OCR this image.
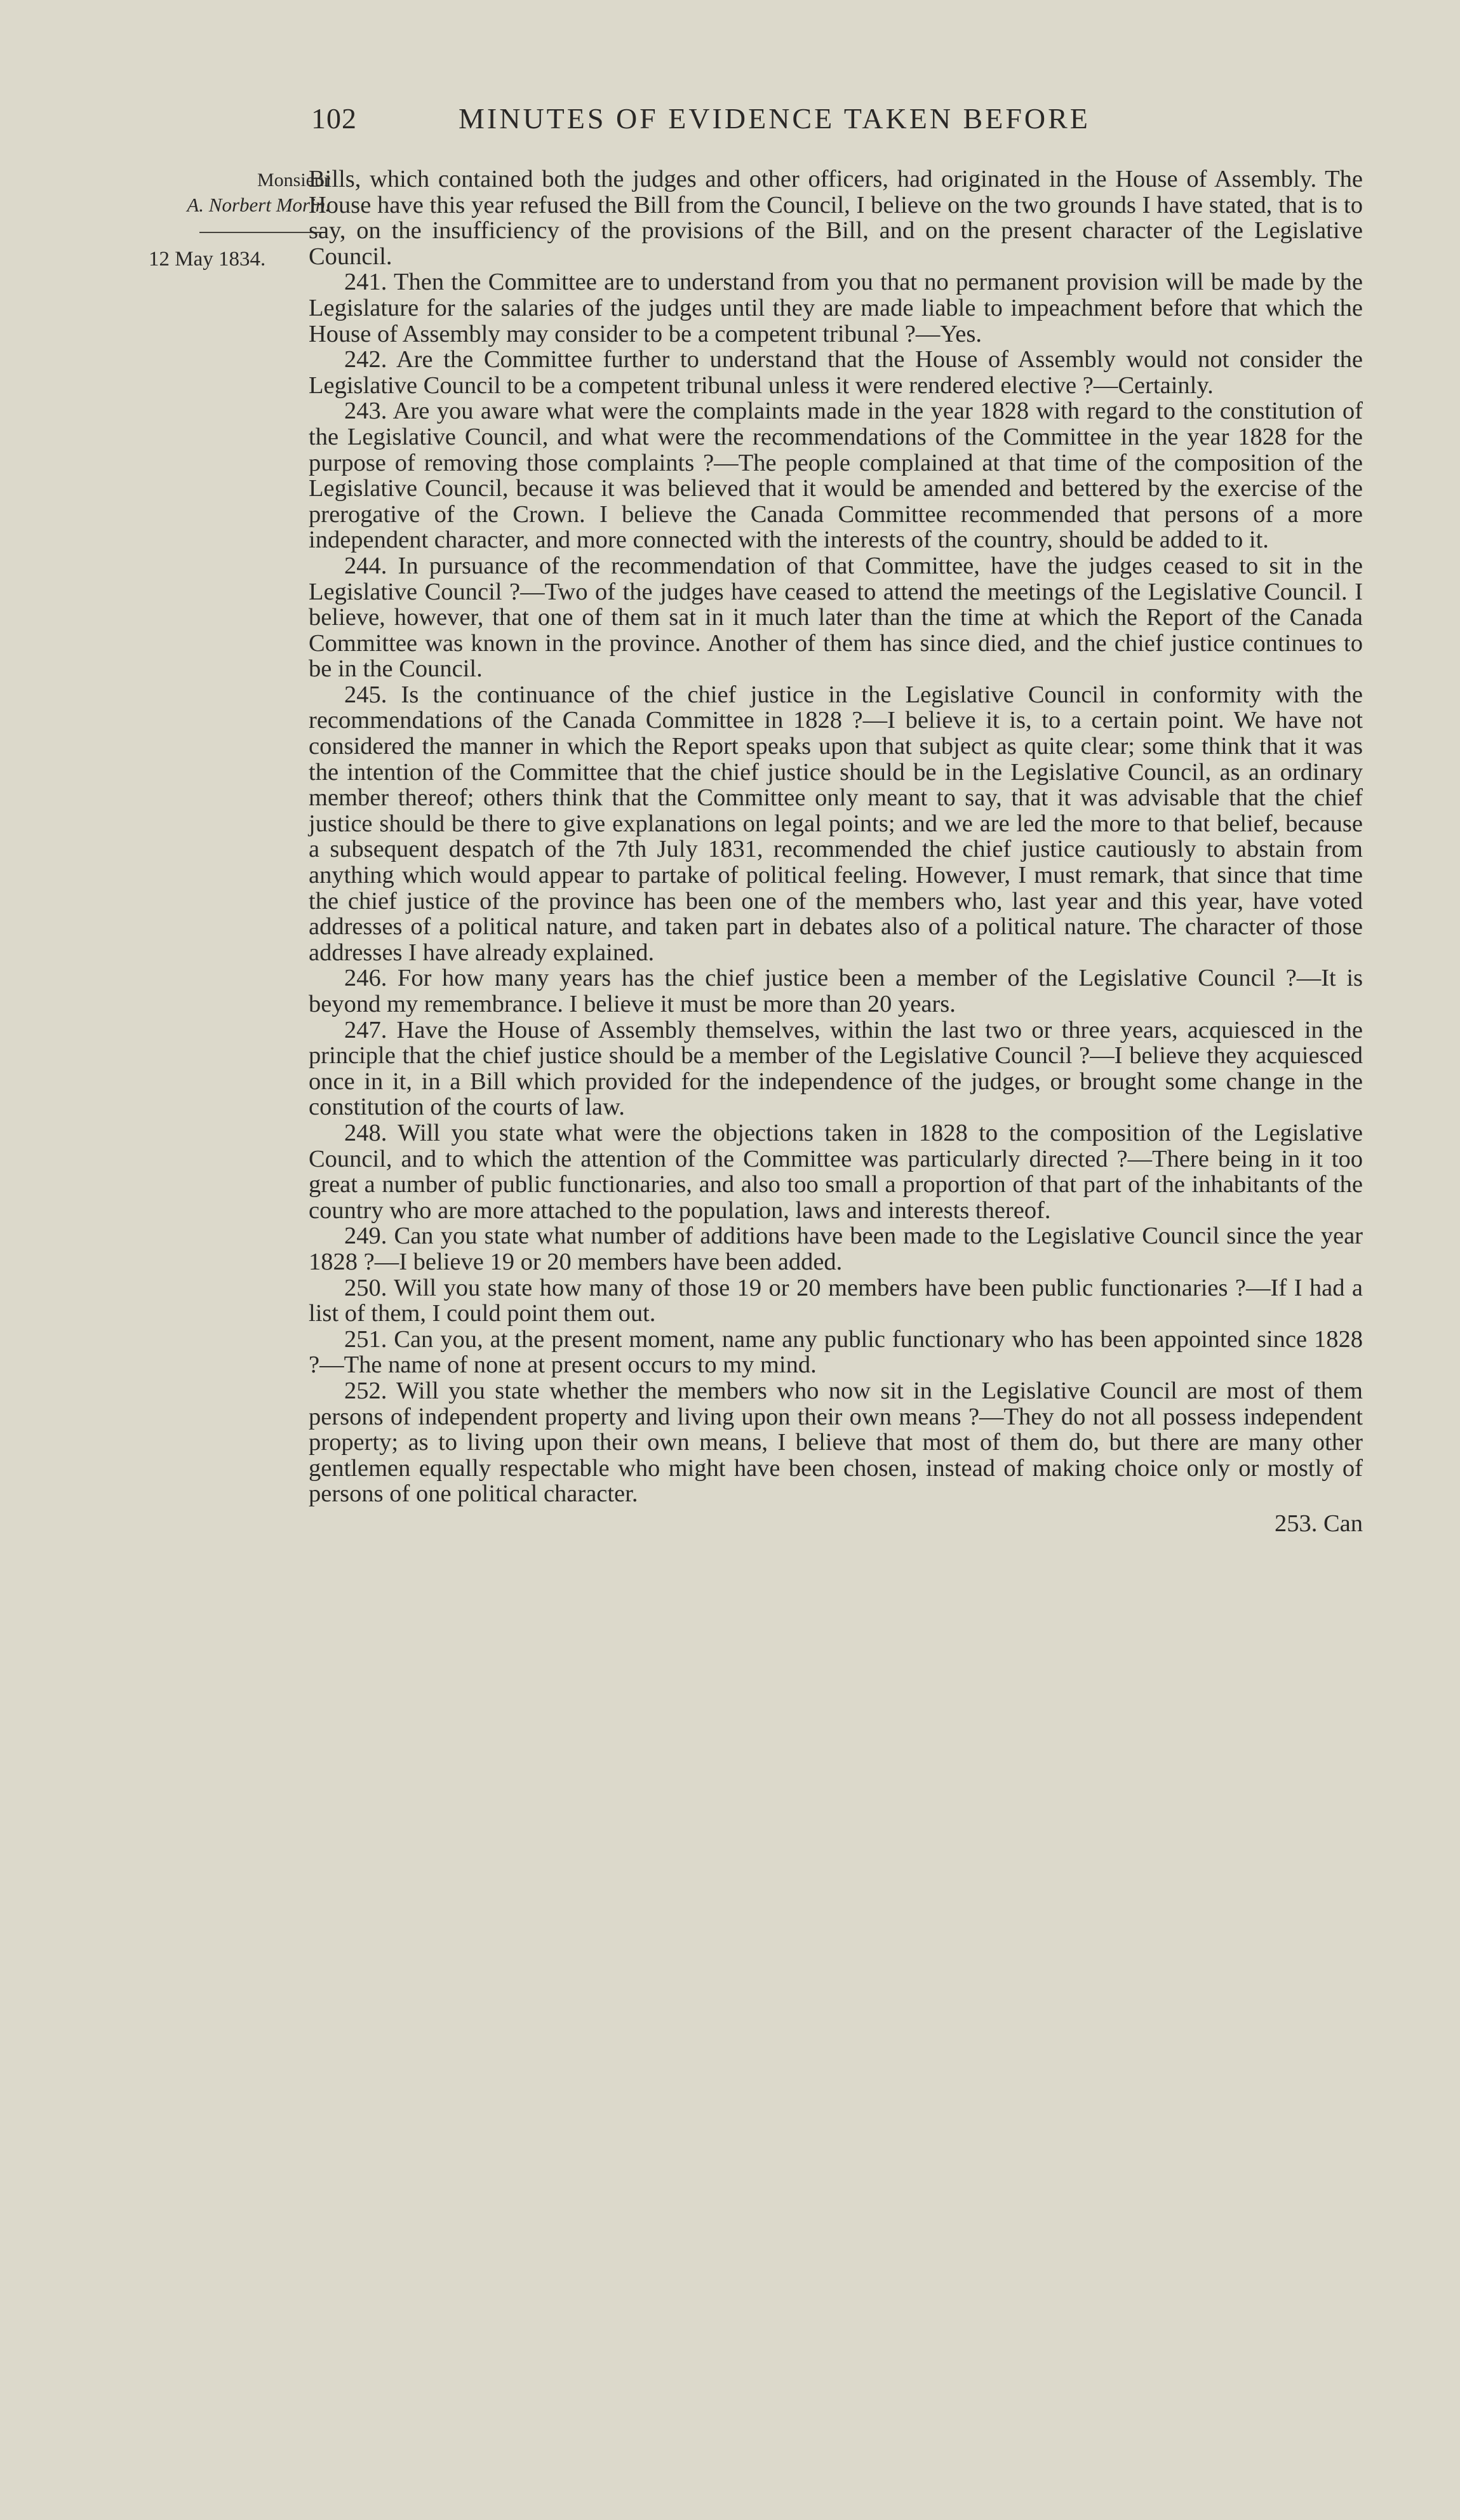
102	MINUTES OF EVIDENCE TAKEN BEFORE
Monsieur
A. Norbert Morin.
12 May 1834.

Bills, which contained both the judges and other officers, had originated in the House of Assembly. The House have this year refused the Bill from the Council, I believe on the two grounds I have stated, that is to say, on the insufficiency of the provisions of the Bill, and on the present character of the Legislative Council.

241. Then the Committee are to understand from you that no permanent provision will be made by the Legislature for the salaries of the judges until they are made liable to impeachment before that which the House of Assembly may consider to be a competent tribunal ?—Yes.

242. Are the Committee further to understand that the House of Assembly would not consider the Legislative Council to be a competent tribunal unless it were rendered elective ?—Certainly.

243. Are you aware what were the complaints made in the year 1828 with regard to the constitution of the Legislative Council, and what were the recommendations of the Committee in the year 1828 for the purpose of removing those complaints ?—The people complained at that time of the composition of the Legislative Council, because it was believed that it would be amended and bettered by the exercise of the prerogative of the Crown. I believe the Canada Committee recommended that persons of a more independent character, and more connected with the interests of the country, should be added to it.

244. In pursuance of the recommendation of that Committee, have the judges ceased to sit in the Legislative Council ?—Two of the judges have ceased to attend the meetings of the Legislative Council. I believe, however, that one of them sat in it much later than the time at which the Report of the Canada Committee was known in the province. Another of them has since died, and the chief justice continues to be in the Council.

245. Is the continuance of the chief justice in the Legislative Council in conformity with the recommendations of the Canada Committee in 1828 ?—I believe it is, to a certain point. We have not considered the manner in which the Report speaks upon that subject as quite clear; some think that it was the intention of the Committee that the chief justice should be in the Legislative Council, as an ordinary member thereof; others think that the Committee only meant to say, that it was advisable that the chief justice should be there to give explanations on legal points; and we are led the more to that belief, because a subsequent despatch of the 7th July 1831, recommended the chief justice cautiously to abstain from anything which would appear to partake of political feeling. However, I must remark, that since that time the chief justice of the province has been one of the members who, last year and this year, have voted addresses of a political nature, and taken part in debates also of a political nature. The character of those addresses I have already explained.

246. For how many years has the chief justice been a member of the Legislative Council ?—It is beyond my remembrance. I believe it must be more than 20 years.

247. Have the House of Assembly themselves, within the last two or three years, acquiesced in the principle that the chief justice should be a member of the Legislative Council ?—I believe they acquiesced once in it, in a Bill which provided for the independence of the judges, or brought some change in the constitution of the courts of law.

248. Will you state what were the objections taken in 1828 to the composition of the Legislative Council, and to which the attention of the Committee was particularly directed ?—There being in it too great a number of public functionaries, and also too small a proportion of that part of the inhabitants of the country who are more attached to the population, laws and interests thereof.

249. Can you state what number of additions have been made to the Legislative Council since the year 1828 ?—I believe 19 or 20 members have been added.

250. Will you state how many of those 19 or 20 members have been public functionaries ?—If I had a list of them, I could point them out.

251. Can you, at the present moment, name any public functionary who has been appointed since 1828 ?—The name of none at present occurs to my mind.

252. Will you state whether the members who now sit in the Legislative Council are most of them persons of independent property and living upon their own means ?—They do not all possess independent property; as to living upon their own means, I believe that most of them do, but there are many other gentlemen equally respectable who might have been chosen, instead of making choice only or mostly of persons of one political character.

253. Can
